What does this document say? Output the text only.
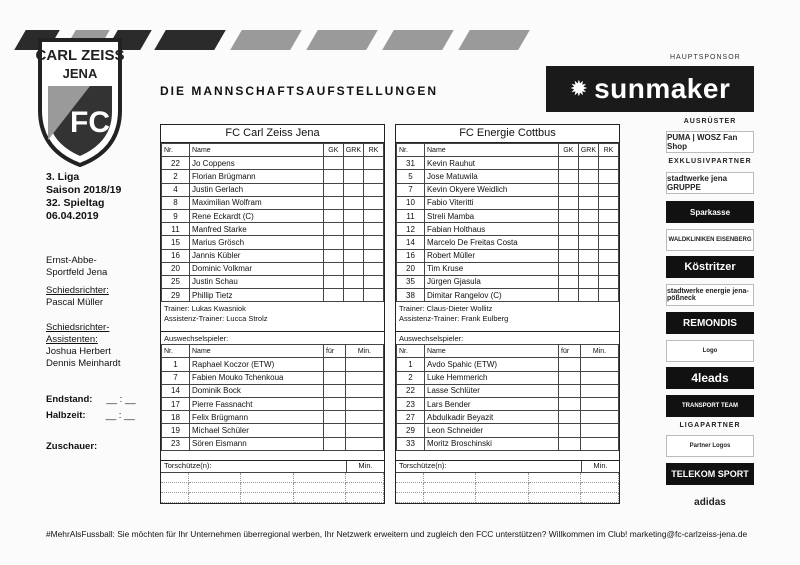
CARL ZEISS
JENA
FC
DIE MANNSCHAFTSAUFSTELLUNGEN
HAUPTSPONSOR
✹ sunmaker
AUSRÜSTER
PUMA | WOSZ Fan Shop
EXKLUSIVPARTNER
stadtwerke jena GRUPPE
Sparkasse
WALDKLINIKEN EISENBERG
Köstritzer
stadtwerke energie jena-pößneck
REMONDIS
Logo
4leads
TRANSPORT TEAM
LIGAPARTNER
Partner Logos
TELEKOM SPORT
adidas
3. Liga
Saison 2018/19
32. Spieltag
06.04.2019
Ernst-Abbe-
Sportfeld Jena
Schiedsrichter:
Pascal Müller
Schiedsrichter-
Assistenten:
Joshua Herbert
Dennis Meinhardt
Endstand: __ : __
Halbzeit: __ : __
Zuschauer:
FC Carl Zeiss Jena
Nr.	Name	GK	GRK	RK
22	Jo Coppens			
2	Florian Brügmann			
4	Justin Gerlach			
8	Maximilian Wolfram			
9	Rene Eckardt (C)			
11	Manfred Starke			
15	Marius Grösch			
16	Jannis Kübler			
20	Dominic Volkmar			
25	Justin Schau			
29	Phillip Tietz			
Trainer: Lukas Kwasniok
Assistenz-Trainer: Lucca Strolz
Auswechselspieler:
Nr.	Name	für	Min.
1	Raphael Koczor (ETW)		
7	Fabien Mouko Tchenkoua		
14	Dominik Bock		
17	Pierre Fassnacht		
18	Felix Brügmann		
19	Michael Schüler		
23	Sören Eismann		
Torschütze(n):	Min.
FC Energie Cottbus
Nr.	Name	GK	GRK	RK
31	Kevin Rauhut			
5	Jose Matuwila			
7	Kevin Okyere Weidlich			
10	Fabio Viteritti			
11	Streli Mamba			
12	Fabian Holthaus			
14	Marcelo De Freitas Costa			
16	Robert Müller			
20	Tim Kruse			
35	Jürgen Gjasula			
38	Dimitar Rangelov (C)			
Trainer: Claus-Dieter Wollitz
Assistenz-Trainer: Frank Eulberg
Auswechselspieler:
Nr.	Name	für	Min.
1	Avdo Spahic (ETW)		
2	Luke Hemmerich		
22	Lasse Schlüter		
23	Lars Bender		
27	Abdulkadir Beyazit		
29	Leon Schneider		
33	Moritz Broschinski		
Torschütze(n):	Min.
#MehrAlsFussball: Sie möchten für Ihr Unternehmen überregional werben, Ihr Netzwerk erweitern und zugleich den FCC unterstützen? Willkommen im Club! marketing@fc-carlzeiss-jena.de
